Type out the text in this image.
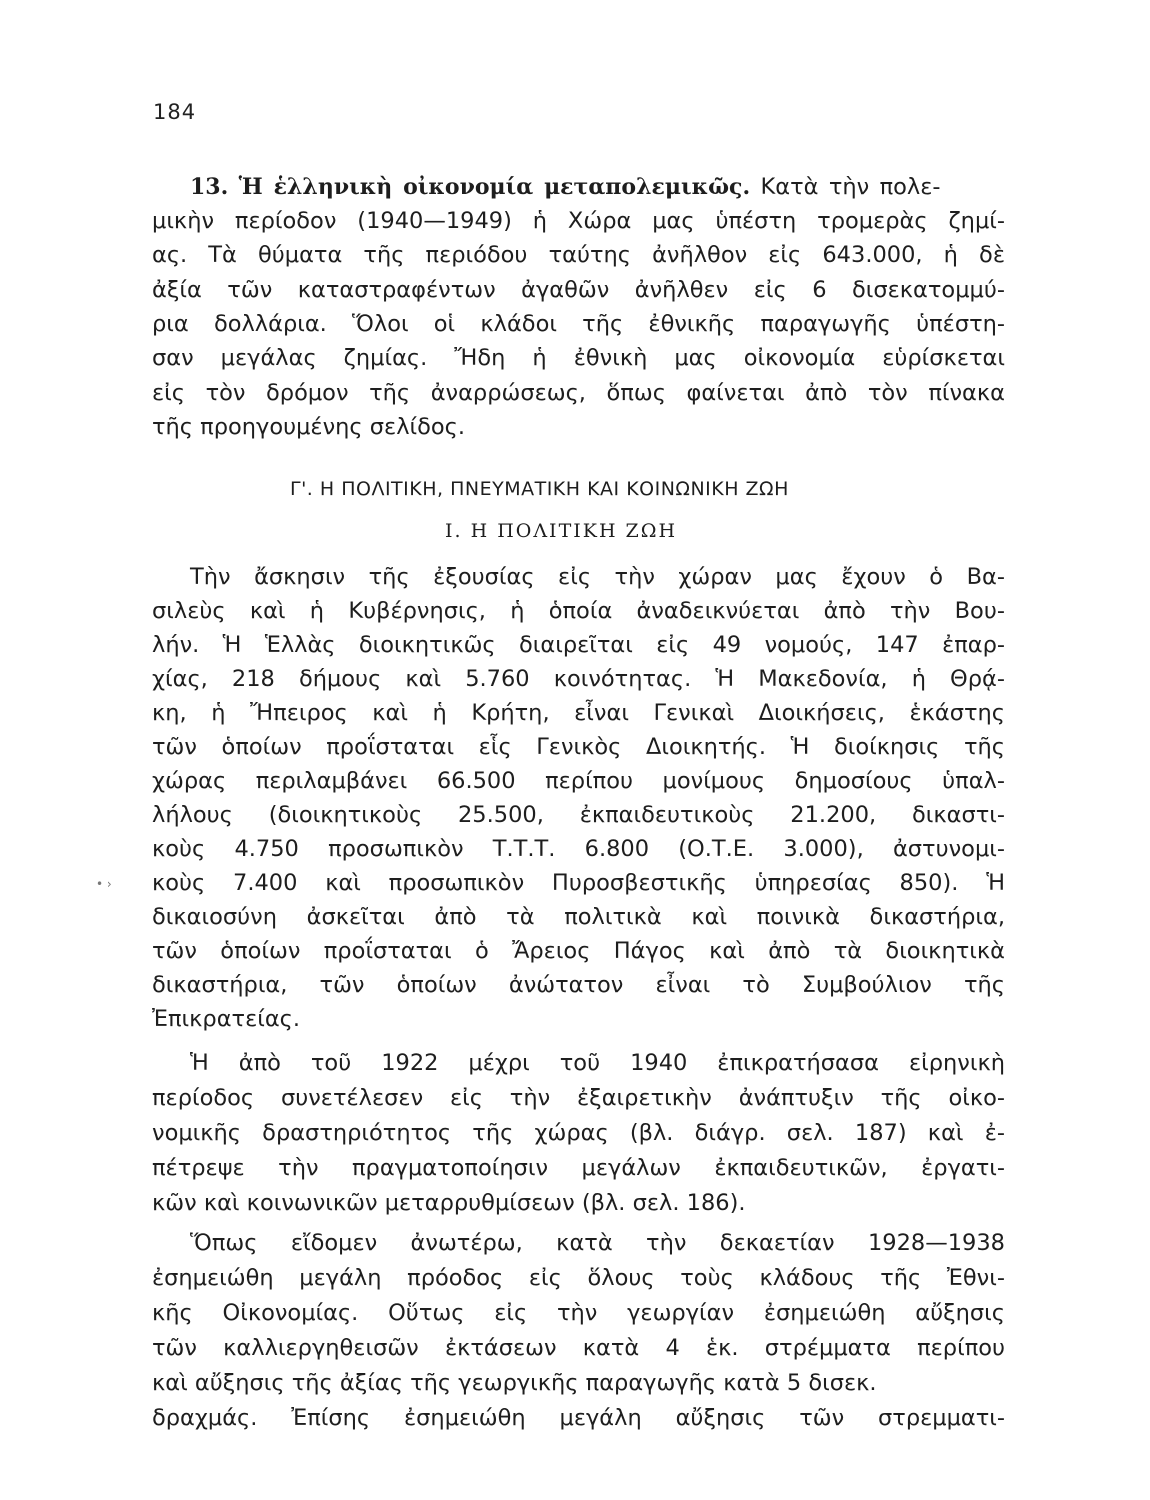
184
13. Ἡ ἑλληνικὴ οἰκονομία μεταπολεμικῶς. Κατὰ τὴν πολε-
μικὴν περίοδον (1940—1949) ἡ Χώρα μας ὑπέστη τρομερὰς ζημί-
ας. Τὰ θύματα τῆς περιόδου ταύτης ἀνῆλθον εἰς 643.000, ἡ δὲ
ἀξία τῶν καταστραφέντων ἀγαθῶν ἀνῆλθεν εἰς 6 δισεκατομμύ-
ρια δολλάρια. Ὅλοι οἱ κλάδοι τῆς ἐθνικῆς παραγωγῆς ὑπέστη-
σαν μεγάλας ζημίας. Ἤδη ἡ ἐθνικὴ μας οἰκονομία εὑρίσκεται
εἰς τὸν δρόμον τῆς ἀναρρώσεως, ὅπως φαίνεται ἀπὸ τὸν πίνακα
τῆς προηγουμένης σελίδος.
Γ'. Η ΠΟΛΙΤΙΚΗ, ΠΝΕΥΜΑΤΙΚΗ ΚΑΙ ΚΟΙΝΩΝΙΚΗ ΖΩΗ
Ι. Η ΠΟΛΙΤΙΚΗ ΖΩΗ
Τὴν ἄσκησιν τῆς ἐξουσίας εἰς τὴν χώραν μας ἔχουν ὁ Βα-
σιλεὺς καὶ ἡ Κυβέρνησις, ἡ ὁποία ἀναδεικνύεται ἀπὸ τὴν Βου-
λήν. Ἡ Ἑλλὰς διοικητικῶς διαιρεῖται εἰς 49 νομούς, 147 ἐπαρ-
χίας, 218 δήμους καὶ 5.760 κοινότητας. Ἡ Μακεδονία, ἡ Θρᾴ-
κη, ἡ Ἤπειρος καὶ ἡ Κρήτη, εἶναι Γενικαὶ Διοικήσεις, ἑκάστης
τῶν ὁποίων προΐσταται εἷς Γενικὸς Διοικητής. Ἡ διοίκησις τῆς
χώρας περιλαμβάνει 66.500 περίπου μονίμους δημοσίους ὑπαλ-
λήλους (διοικητικοὺς 25.500, ἐκπαιδευτικοὺς 21.200, δικαστι-
κοὺς 4.750 προσωπικὸν Τ.Τ.Τ. 6.800 (Ο.Τ.Ε. 3.000), ἀστυνομι-
κοὺς 7.400 καὶ προσωπικὸν Πυροσβεστικῆς ὑπηρεσίας 850). Ἡ
δικαιοσύνη ἀσκεῖται ἀπὸ τὰ πολιτικὰ καὶ ποινικὰ δικαστήρια,
τῶν ὁποίων προΐσταται ὁ Ἄρειος Πάγος καὶ ἀπὸ τὰ διοικητικὰ
δικαστήρια, τῶν ὁποίων ἀνώτατον εἶναι τὸ Συμβούλιον τῆς
Ἐπικρατείας.
Ἡ ἀπὸ τοῦ 1922 μέχρι τοῦ 1940 ἐπικρατήσασα εἰρηνικὴ
περίοδος συνετέλεσεν εἰς τὴν ἐξαιρετικὴν ἀνάπτυξιν τῆς οἰκο-
νομικῆς δραστηριότητος τῆς χώρας (βλ. διάγρ. σελ. 187) καὶ ἐ-
πέτρεψε τὴν πραγματοποίησιν μεγάλων ἐκπαιδευτικῶν, ἐργατι-
κῶν καὶ κοινωνικῶν μεταρρυθμίσεων (βλ. σελ. 186).
Ὅπως εἴδομεν ἀνωτέρω, κατὰ τὴν δεκαετίαν 1928—1938
ἐσημειώθη μεγάλη πρόοδος εἰς ὅλους τοὺς κλάδους τῆς Ἐθνι-
κῆς Οἰκονομίας. Οὕτως εἰς τὴν γεωργίαν ἐσημειώθη αὔξησις
τῶν καλλιεργηθεισῶν ἐκτάσεων κατὰ 4 ἑκ. στρέμματα περίπου
καὶ αὔξησις τῆς ἀξίας τῆς γεωργικῆς παραγωγῆς κατὰ 5 δισεκ.
δραχμάς. Ἐπίσης ἐσημειώθη μεγάλη αὔξησις τῶν στρεμματι-
• ›
